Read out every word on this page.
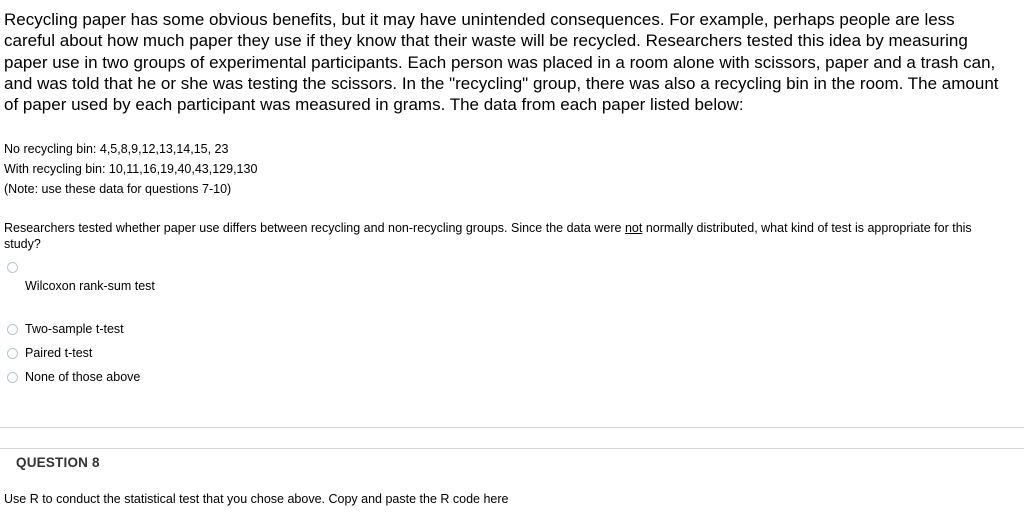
Recycling paper has some obvious benefits, but it may have unintended consequences. For example, perhaps people are less careful about how much paper they use if they know that their waste will be recycled. Researchers tested this idea by measuring paper use in two groups of experimental participants. Each person was placed in a room alone with scissors, paper and a trash can, and was told that he or she was testing the scissors. In the "recycling" group, there was also a recycling bin in the room. The amount of paper used by each participant was measured in grams. The data from each paper listed below:
No recycling bin: 4,5,8,9,12,13,14,15, 23
With recycling bin: 10,11,16,19,40,43,129,130
(Note: use these data for questions 7-10)
Researchers tested whether paper use differs between recycling and non-recycling groups. Since the data were not normally distributed, what kind of test is appropriate for this study?
Wilcoxon rank-sum test
Two-sample t-test
Paired t-test
None of those above
QUESTION 8
Use R to conduct the statistical test that you chose above. Copy and paste the R code here
